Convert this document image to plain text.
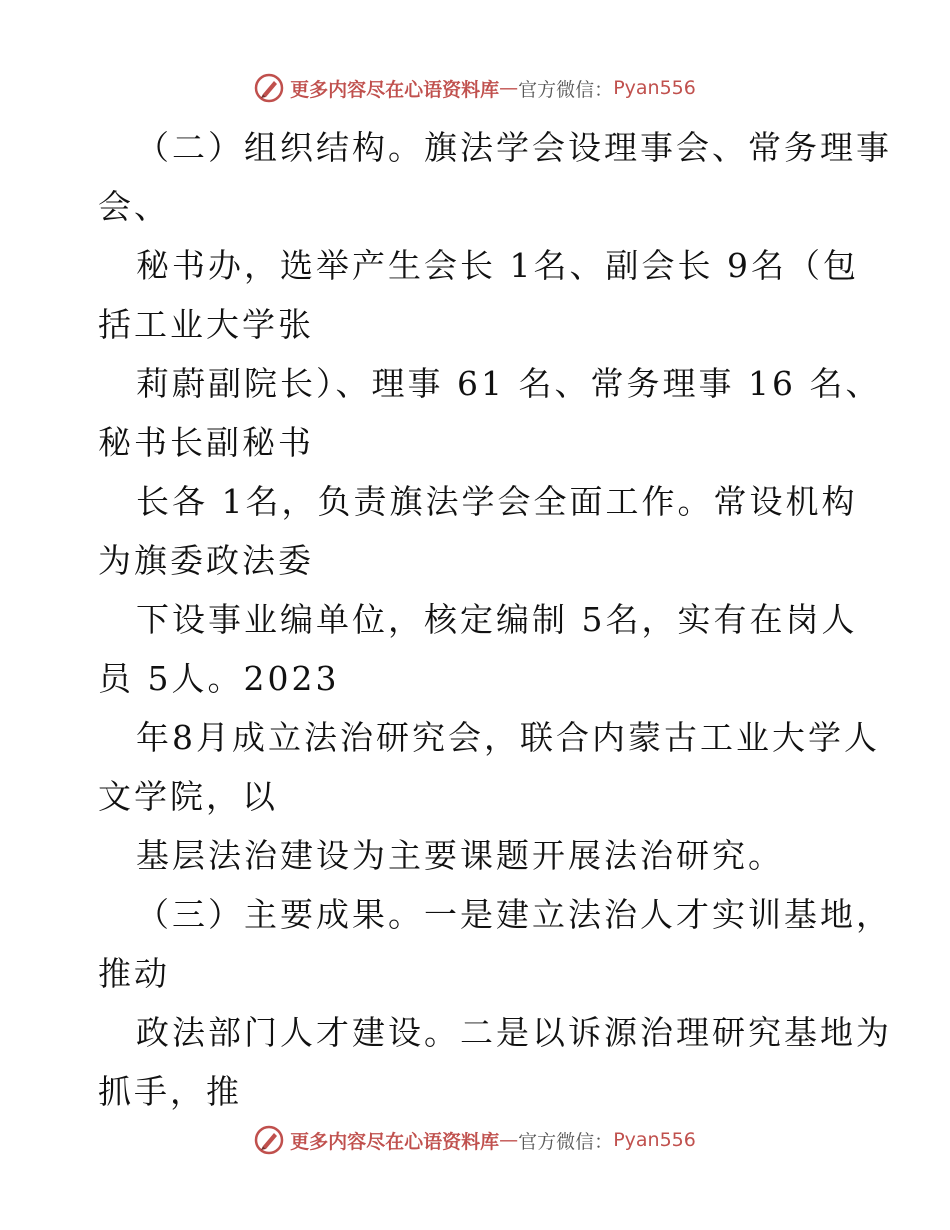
更多内容尽在心语资料库 — 官方微信： Pyan556
（二）组织结构。旗法学会设理事会、常务理事
会、
秘书办，选举产生会长 1名、副会长 9名（包
括工业大学张
莉蔚副院长）、理事 61 名、常务理事 16 名、
秘书长副秘书
长各 1名，负责旗法学会全面工作。常设机构
为旗委政法委
下设事业编单位，核定编制 5名，实有在岗人
员 5人。2023
年8月成立法治研究会，联合内蒙古工业大学人
文学院，以
基层法治建设为主要课题开展法治研究。
（三）主要成果。一是建立法治人才实训基地，
推动
政法部门人才建设。二是以诉源治理研究基地为
抓手，推
更多内容尽在心语资料库 — 官方微信： Pyan556
